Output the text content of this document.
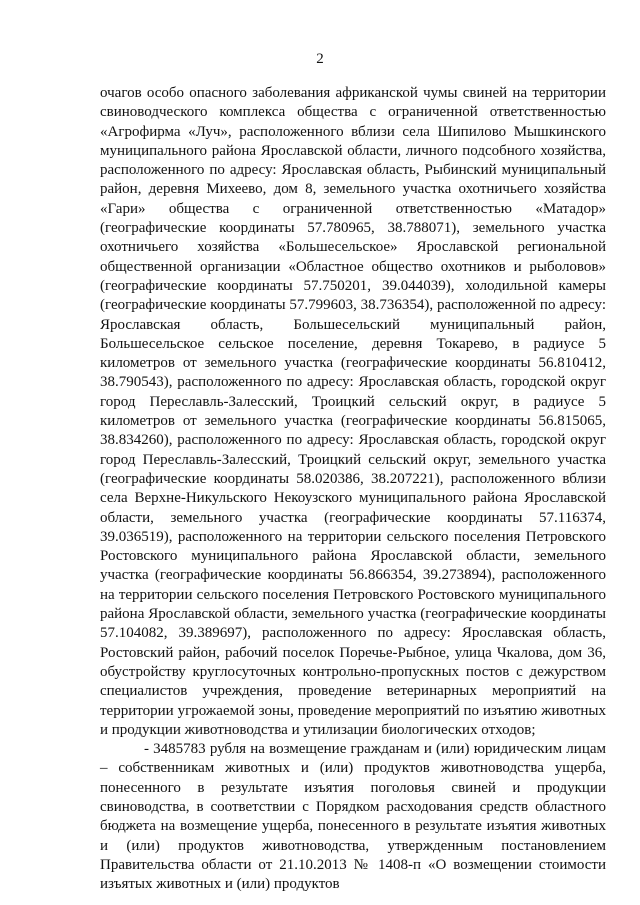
2

очагов особо опасного заболевания африканской чумы свиней на территории свиноводческого комплекса общества с ограниченной ответственностью «Агрофирма «Луч», расположенного вблизи села Шипилово Мышкинского муниципального района Ярославской области, личного подсобного хозяйства, расположенного по адресу: Ярославская область, Рыбинский муниципальный район, деревня Михеево, дом 8, земельного участка охотничьего хозяйства «Гари» общества с ограниченной ответственностью «Матадор» (географические координаты 57.780965, 38.788071), земельного участка охотничьего хозяйства «Большесельское» Ярославской региональной общественной организации «Областное общество охотников и рыболовов» (географические координаты 57.750201, 39.044039), холодильной камеры (географические координаты 57.799603, 38.736354), расположенной по адресу: Ярославская область, Большесельский муниципальный район, Большесельское сельское поселение, деревня Токарево, в радиусе 5 километров от земельного участка (географические координаты 56.810412, 38.790543), расположенного по адресу: Ярославская область, городской округ город Переславль-Залесский, Троицкий сельский округ, в радиусе 5 километров от земельного участка (географические координаты 56.815065, 38.834260), расположенного по адресу: Ярославская область, городской округ город Переславль-Залесский, Троицкий сельский округ, земельного участка (географические координаты 58.020386, 38.207221), расположенного вблизи села Верхне-Никульского Некоузского муниципального района Ярославской области, земельного участка (географические координаты 57.116374, 39.036519), расположенного на территории сельского поселения Петровского Ростовского муниципального района Ярославской области, земельного участка (географические координаты 56.866354, 39.273894), расположенного на территории сельского поселения Петровского Ростовского муниципального района Ярославской области, земельного участка (географические координаты 57.104082, 39.389697), расположенного по адресу: Ярославская область, Ростовский район, рабочий поселок Поречье-Рыбное, улица Чкалова, дом 36, обустройству круглосуточных контрольно-пропускных постов с дежурством специалистов учреждения, проведение ветеринарных мероприятий на территории угрожаемой зоны, проведение мероприятий по изъятию животных и продукции животноводства и утилизации биологических отходов;

- 3485783 рубля на возмещение гражданам и (или) юридическим лицам – собственникам животных и (или) продуктов животноводства ущерба, понесенного в результате изъятия поголовья свиней и продукции свиноводства, в соответствии с Порядком расходования средств областного бюджета на возмещение ущерба, понесенного в результате изъятия животных и (или) продуктов животноводства, утвержденным постановлением Правительства области от 21.10.2013 № 1408-п «О возмещении стоимости изъятых животных и (или) продуктов
